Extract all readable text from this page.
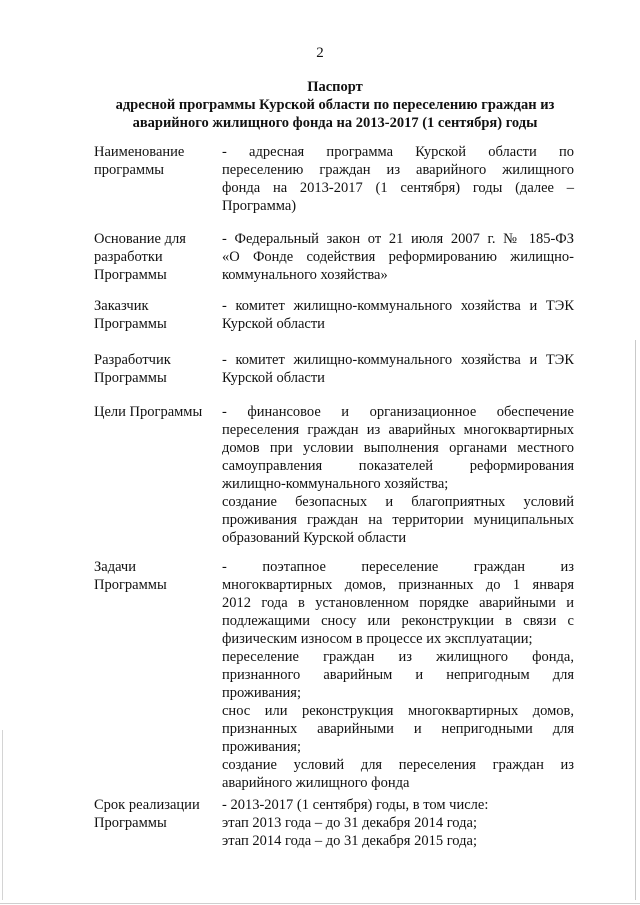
2
Паспорт
адресной программы Курской области по переселению граждан из
аварийного жилищного фонда на 2013-2017 (1 сентября) годы
Наименование
программы
- адресная программа Курской области по
переселению граждан из аварийного жилищного
фонда на 2013-2017 (1 сентября) годы (далее –
Программа)
Основание для
разработки
Программы
- Федеральный закон от 21 июля 2007 г. № 185-ФЗ
«О Фонде содействия реформированию жилищно-
коммунального хозяйства»
Заказчик
Программы
- комитет жилищно-коммунального хозяйства и ТЭК
Курской области
Разработчик
Программы
- комитет жилищно-коммунального хозяйства и ТЭК
Курской области
Цели Программы	- финансовое и организационное обеспечение
переселения граждан из аварийных многоквартирных
домов при условии выполнения органами местного
самоуправления показателей реформирования
жилищно-коммунального хозяйства;
создание безопасных и благоприятных условий
проживания граждан на территории муниципальных
образований Курской области
Задачи
Программы
- поэтапное переселение граждан из
многоквартирных домов, признанных до 1 января
2012 года в установленном порядке аварийными и
подлежащими сносу или реконструкции в связи с
физическим износом в процессе их эксплуатации;
переселение граждан из жилищного фонда,
признанного аварийным и непригодным для
проживания;
снос или реконструкция многоквартирных домов,
признанных аварийными и непригодными для
проживания;
создание условий для переселения граждан из
аварийного жилищного фонда
Срок реализации
Программы
- 2013-2017 (1 сентября) годы, в том числе:
этап 2013 года – до 31 декабря 2014 года;
этап 2014 года – до 31 декабря 2015 года;
